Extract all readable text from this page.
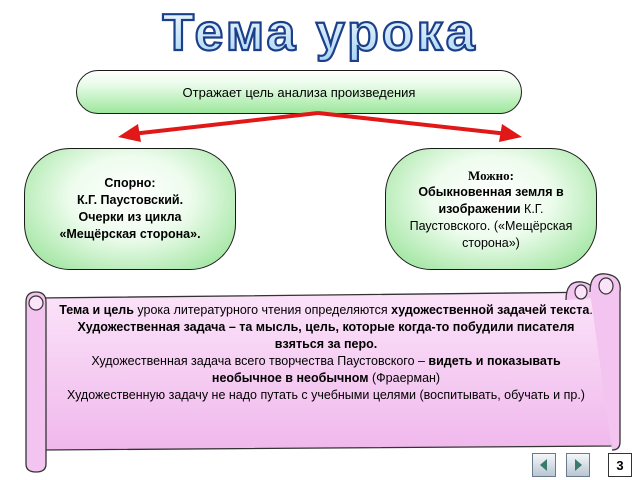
Тема урока
Отражает цель анализа произведения
Спорно:
К.Г. Паустовский.
Очерки из цикла
«Мещёрская сторона».
Можно:
Обыкновенная земля в
изображении К.Г.
Паустовского. («Мещёрская
сторона»)
Тема и цель урока литературного чтения определяются художественной задачей текста.
Художественная задача – та мысль, цель, которые когда-то побудили писателя взяться за перо.
Художественная задача всего творчества Паустовского – видеть и показывать необычное в необычном (Фраерман)
Художественную задачу не надо путать с учебными целями (воспитывать, обучать и пр.)
3
